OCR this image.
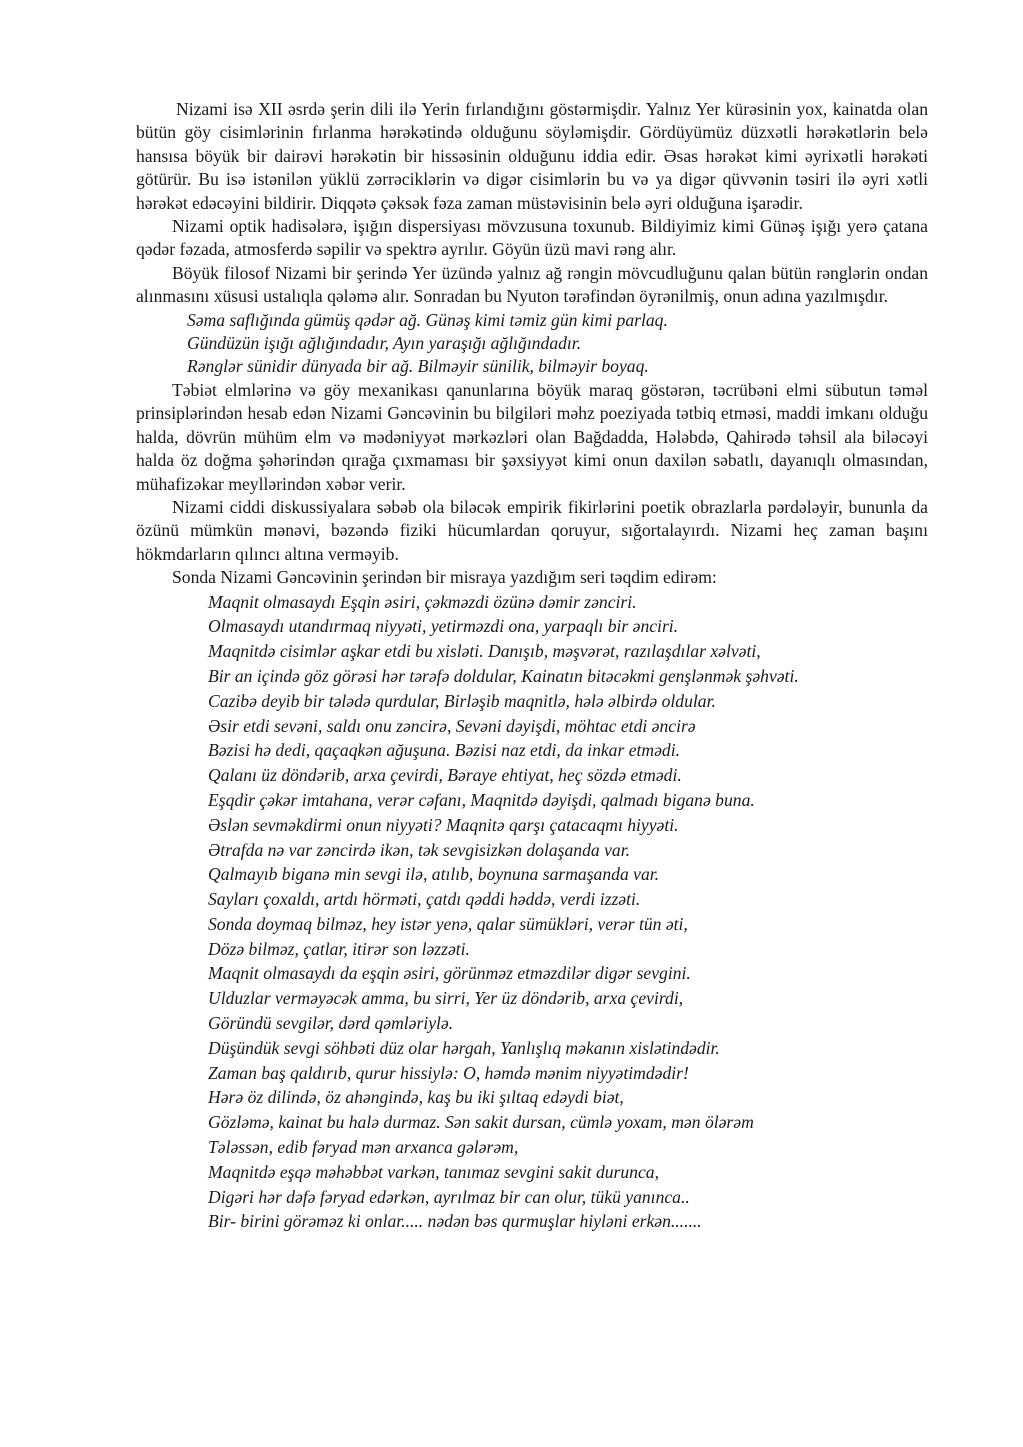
Nizami isə XII əsrdə şerin dili ilə Yerin fırlandığını göstərmişdir. Yalnız Yer kürəsinin yox, kainatda olan bütün göy cisimlərinin fırlanma hərəkətində olduğunu söyləmişdir. Gördüyümüz düzxətli hərəkətlərin belə hansısa böyük bir dairəvi hərəkətin bir hissəsinin olduğunu iddia edir. Əsas hərəkət kimi əyrixətli hərəkəti götürür. Bu isə istənilən yüklü zərrəciklərin və digər cisimlərin bu və ya digər qüvvənin təsiri ilə əyri xətli hərəkət edəcəyini bildirir. Diqqətə çəksək fəza zaman müstəvisinin belə əyri olduğuna işarədir.

Nizami optik hadisələrə, işığın dispersiyası mövzusuna toxunub. Bildiyimiz kimi Günəş işığı yerə çatana qədər fəzada, atmosferdə səpilir və spektrə ayrılır. Göyün üzü mavi rəng alır.

Böyük filosof Nizami bir şerində Yer üzündə yalnız ağ rəngin mövcudluğunu qalan bütün rənglərin ondan alınmasını xüsusi ustalıqla qələmə alır. Sonradan bu Nyuton tərəfindən öyrənilmiş, onun adına yazılmışdır.

Səma saflığında gümüş qədər ağ. Günəş kimi təmiz gün kimi parlaq.
Gündüzün işığı ağlığındadır, Ayın yaraşığı ağlığındadır.
Rənglər sünidir dünyada bir ağ. Bilməyir sünilik, bilməyir boyaq.

Təbiət elmlərinə və göy mexanikası qanunlarına böyük maraq göstərən, təcrübəni elmi sübutun təməl prinsiplərindən hesab edən Nizami Gəncəvinin bu bilgiləri məhz poeziyada tətbiq etməsi, maddi imkanı olduğu halda, dövrün mühüm elm və mədəniyyət mərkəzləri olan Bağdadda, Hələbdə, Qahirədə təhsil ala biləcəyi halda öz doğma şəhərindən qırağa çıxmaması bir şəxsiyyət kimi onun daxilən səbatlı, dayanıqlı olmasından, mühafizəkar meyllərindən xəbər verir.

Nizami ciddi diskussiyalara səbəb ola biləcək empirik fikirlərini poetik obrazlarla pərdələyir, bununla da özünü mümkün mənəvi, bəzəndə fiziki hücumlardan qoruyur, sığortalayırdı. Nizami heç zaman başını hökmdarların qılıncı altına verməyib.

Sonda Nizami Gəncəvinin şerindən bir misraya yazdığım seri təqdim edirəm:

Maqnit olmasaydı Eşqin əsiri, çəkməzdi özünə dəmir zənciri.
Olmasaydı utandırmaq niyyəti, yetirməzdi ona, yarpaqlı bir ənciri.
Maqnitdə cisimlər aşkar etdi bu xisləti. Danışıb, məşvərət, razılaşdılar xəlvəti,
Bir an içində göz görəsi hər tərəfə doldular, Kainatın bitəcəkmi genşlənmək şəhvəti.
Cazibə deyib bir tələdə qurdular, Birləşib maqnitlə, hələ əlbirdə oldular.
Əsir etdi sevəni, saldı onu zəncirə, Sevəni dəyişdi, möhtac etdi əncirə
Bəzisi hə dedi, qaçaqkən ağuşuna. Bəzisi naz etdi, da inkar etmədi.
Qalanı üz döndərib, arxa çevirdi, Bəraye ehtiyat, heç sözdə etmədi.
Eşqdir çəkər imtahana, verər cəfanı, Maqnitdə dəyişdi, qalmadı biganə buna.
Əslən sevməkdirmi onun niyyəti? Maqnitə qarşı çatacaqmı hiyyəti.
Ətrafda nə var zəncirdə ikən, tək sevgisizkən dolaşanda var.
Qalmayıb biganə min sevgi ilə, atılıb, boynuna sarmaşanda var.
Sayları çoxaldı, artdı hörməti, çatdı qəddi həddə, verdi izzəti.
Sonda doymaq bilməz, hey istər yenə, qalar sümükləri, verər tün əti,
Dözə bilməz, çatlar, itirər son ləzzəti.
Maqnit olmasaydı da eşqin əsiri, görünməz etməzdilər digər sevgini.
Ulduzlar verməyəcək amma, bu sirri, Yer üz döndərib, arxa çevirdi,
Göründü sevgilər, dərd qəmləriylə.
Düşündük sevgi söhbəti düz olar hərgah, Yanlışlıq məkanın xislətindədir.
Zaman baş qaldırıb, qurur hissiylə: O, həmdə mənim niyyətimdədir!
Hərə öz dilində, öz ahəngində, kaş bu iki şıltaq edəydi biət,
Gözləmə, kainat bu halə durmaz. Sən sakit dursan, cümlə yoxam, mən ölərəm
Tələssən, edib fəryad mən arxanca gələrəm,
Maqnitdə eşqə məhəbbət varkən, tanımaz sevgini sakit durunca,
Digəri hər dəfə fəryad edərkən, ayrılmaz bir can olur, tükü yanınca..
Bir- birini görəməz ki onlar..... nədən bəs qurmuşlar hiyləni erkən.......
